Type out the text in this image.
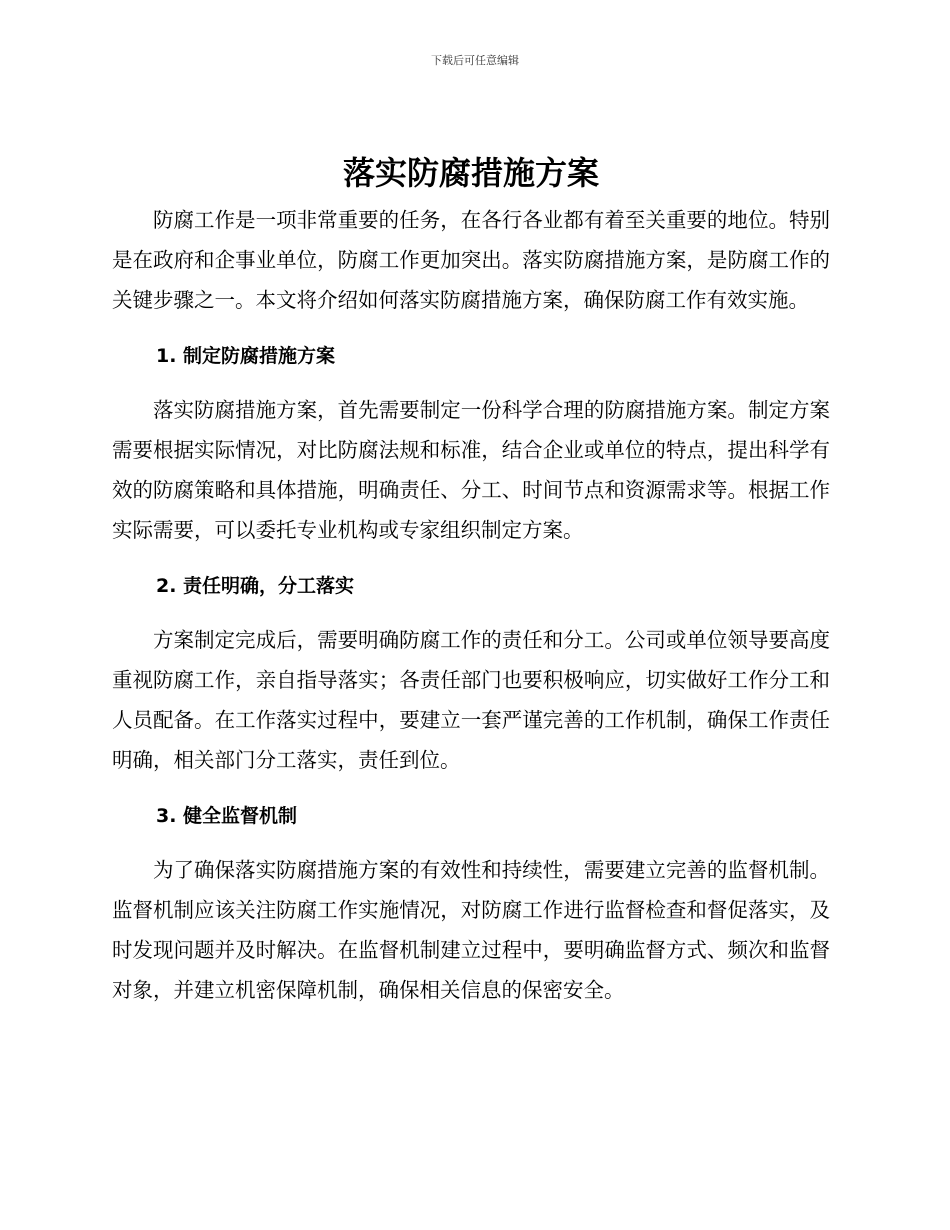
下载后可任意编辑
落实防腐措施方案

防腐工作是一项非常重要的任务，在各行各业都有着至关重要的地位。特别是在政府和企事业单位，防腐工作更加突出。落实防腐措施方案，是防腐工作的关键步骤之一。本文将介绍如何落实防腐措施方案，确保防腐工作有效实施。

1. 制定防腐措施方案

落实防腐措施方案，首先需要制定一份科学合理的防腐措施方案。制定方案需要根据实际情况，对比防腐法规和标准，结合企业或单位的特点，提出科学有效的防腐策略和具体措施，明确责任、分工、时间节点和资源需求等。根据工作实际需要，可以委托专业机构或专家组织制定方案。

2. 责任明确，分工落实

方案制定完成后，需要明确防腐工作的责任和分工。公司或单位领导要高度重视防腐工作，亲自指导落实；各责任部门也要积极响应，切实做好工作分工和人员配备。在工作落实过程中，要建立一套严谨完善的工作机制，确保工作责任明确，相关部门分工落实，责任到位。

3. 健全监督机制

为了确保落实防腐措施方案的有效性和持续性，需要建立完善的监督机制。监督机制应该关注防腐工作实施情况，对防腐工作进行监督检查和督促落实，及时发现问题并及时解决。在监督机制建立过程中，要明确监督方式、频次和监督对象，并建立机密保障机制，确保相关信息的保密安全。
